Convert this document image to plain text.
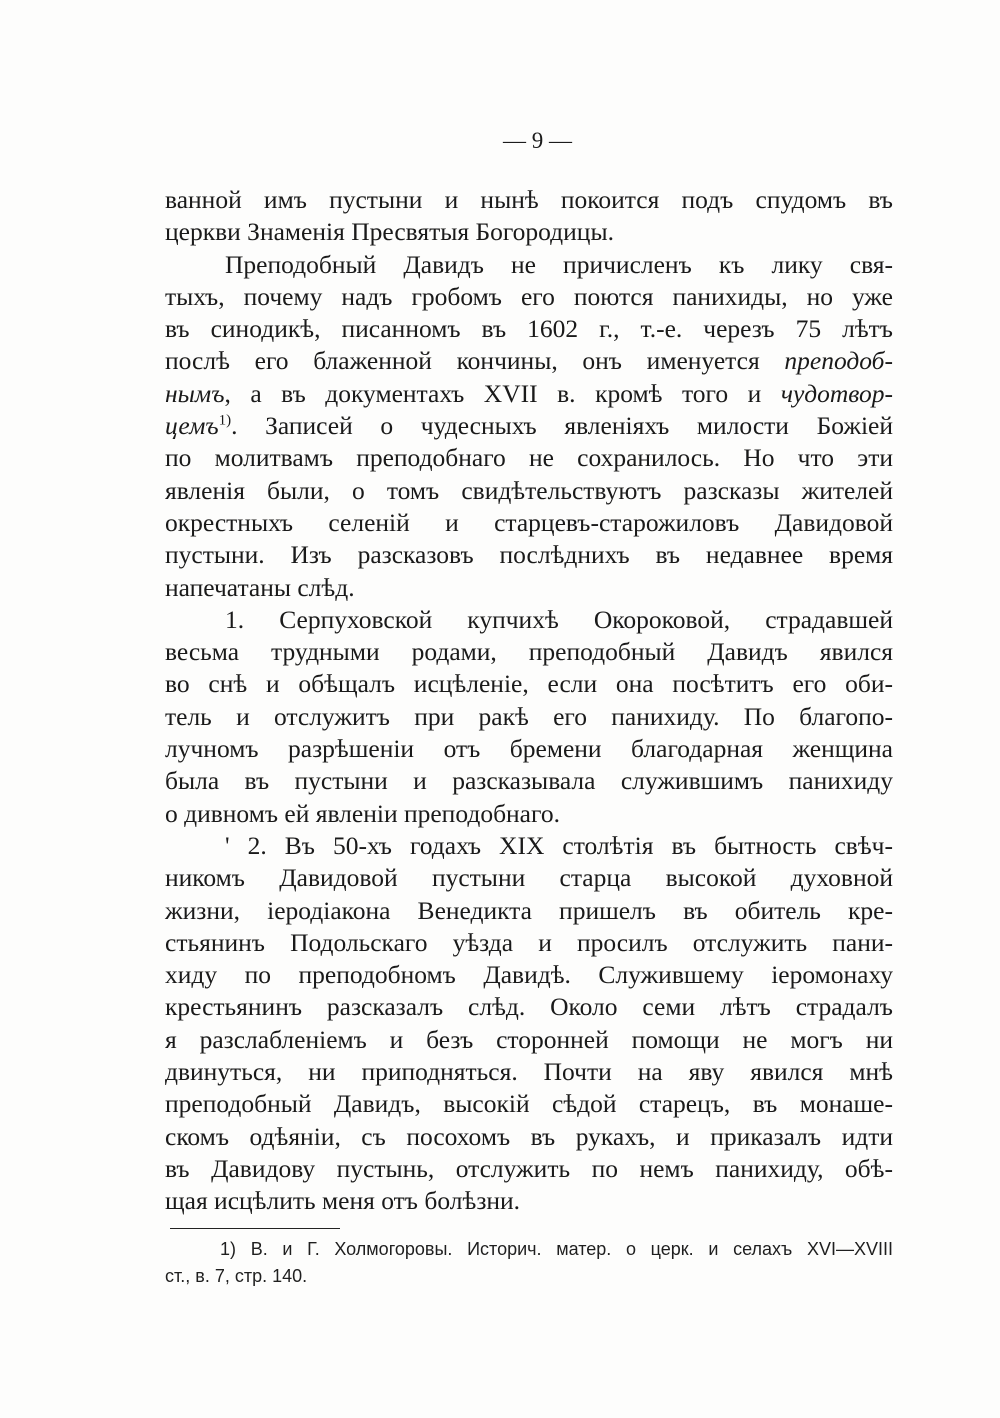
— 9 —
ванной имъ пустыни и нынѣ покоится подъ спудомъ въ
церкви Знаменія Пресвятыя Богородицы.
Преподобный Давидъ не причисленъ къ лику свя-
тыхъ, почему надъ гробомъ его поются панихиды, но уже
въ синодикѣ, писанномъ въ 1602 г., т.-е. черезъ 75 лѣтъ
послѣ его блаженной кончины, онъ именуется преподоб-
нымъ, а въ документахъ XVII в. кромѣ того и чудотвор-
цемъ$^{1)}$. Записей о чудесныхъ явленіяхъ милости Божіей
по молитвамъ преподобнаго не сохранилось. Но что эти
явленія были, о томъ свидѣтельствуютъ разсказы жителей
окрестныхъ селеній и старцевъ-старожиловъ Давидовой
пустыни. Изъ разсказовъ послѣднихъ въ недавнее время
напечатаны слѣд.
1. Серпуховской купчихѣ Окороковой, страдавшей
весьма трудными родами, преподобный Давидъ явился
во снѣ и обѣщалъ исцѣленіе, если она посѣтитъ его оби-
тель и отслужитъ при ракѣ его панихиду. По благопо-
лучномъ разрѣшеніи отъ бремени благодарная женщина
была въ пустыни и разсказывала служившимъ панихиду
о дивномъ ей явленіи преподобнаго.
' 2. Въ 50-хъ годахъ XIX столѣтія въ бытность свѣч-
никомъ Давидовой пустыни старца высокой духовной
жизни, іеродіакона Венедикта пришелъ въ обитель кре-
стьянинъ Подольскаго уѣзда и просилъ отслужить пани-
хиду по преподобномъ Давидѣ. Служившему іеромонаху
крестьянинъ разсказалъ слѣд. Около семи лѣтъ страдалъ
я разслабленіемъ и безъ сторонней помощи не могъ ни
двинуться, ни приподняться. Почти на яву явился мнѣ
преподобный Давидъ, высокій сѣдой старецъ, въ монаше-
скомъ одѣяніи, съ посохомъ въ рукахъ, и приказалъ идти
въ Давидову пустынь, отслужить по немъ панихиду, обѣ-
щая исцѣлить меня отъ болѣзни.
1) В. и Г. Холмогоровы. Историч. матер. о церк. и селахъ XVI—XVIII
ст., в. 7, стр. 140.
